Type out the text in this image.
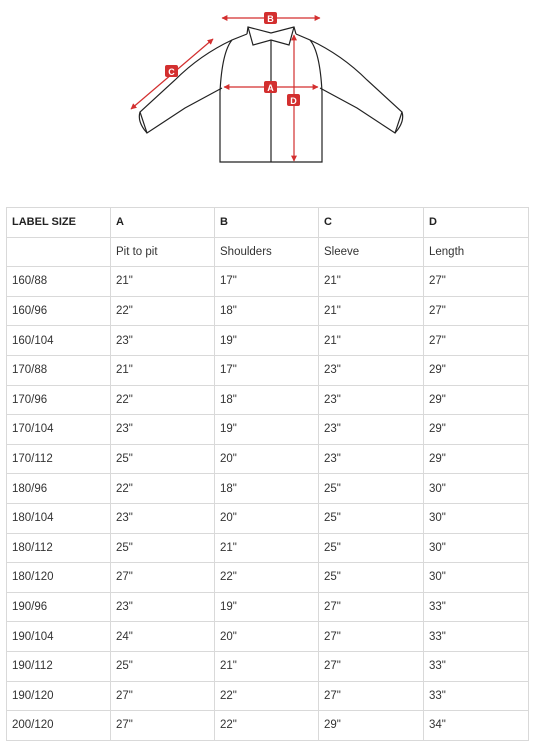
B
C
A
D
LABEL SIZE	A	B	C	D
	Pit to pit	Shoulders	Sleeve	Length
160/88	21"	17"	21"	27"
160/96	22"	18"	21"	27"
160/104	23"	19"	21"	27"
170/88	21"	17"	23"	29"
170/96	22"	18"	23"	29"
170/104	23"	19"	23"	29"
170/112	25"	20"	23"	29"
180/96	22"	18"	25"	30"
180/104	23"	20"	25"	30"
180/112	25"	21"	25"	30"
180/120	27"	22"	25"	30"
190/96	23"	19"	27"	33"
190/104	24"	20"	27"	33"
190/112	25"	21"	27"	33"
190/120	27"	22"	27"	33"
200/120	27"	22"	29"	34"
